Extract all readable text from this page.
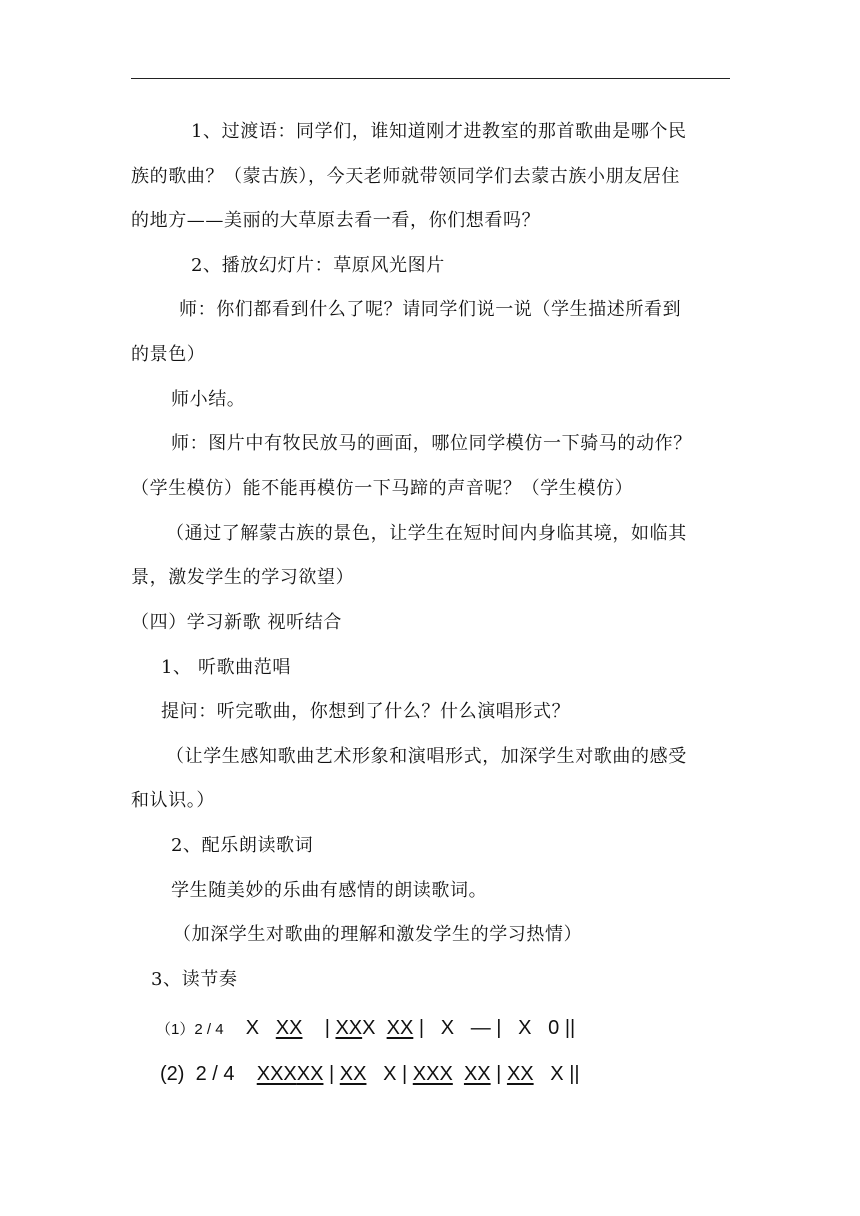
1、过渡语：同学们，谁知道刚才进教室的那首歌曲是哪个民
族的歌曲？（蒙古族），今天老师就带领同学们去蒙古族小朋友居住
的地方——美丽的大草原去看一看，你们想看吗？
2、播放幻灯片：草原风光图片
师：你们都看到什么了呢？请同学们说一说（学生描述所看到
的景色）
师小结。
师：图片中有牧民放马的画面，哪位同学模仿一下骑马的动作？
（学生模仿）能不能再模仿一下马蹄的声音呢？（学生模仿）
（通过了解蒙古族的景色，让学生在短时间内身临其境，如临其
景，激发学生的学习欲望）
（四）学习新歌 视听结合
1、 听歌曲范唱
提问：听完歌曲，你想到了什么？什么演唱形式？
（让学生感知歌曲艺术形象和演唱形式，加深学生对歌曲的感受
和认识。）
2、配乐朗读歌词
学生随美妙的乐曲有感情的朗读歌词。
（加深学生对歌曲的理解和激发学生的学习热情）
3、读节奏
（1）2 / 4 X XX | XXX XX |   X   — |   X   0 ||
(2) 2 / 4 XXXXX | XX   X | XXX XX | XX   X ||
